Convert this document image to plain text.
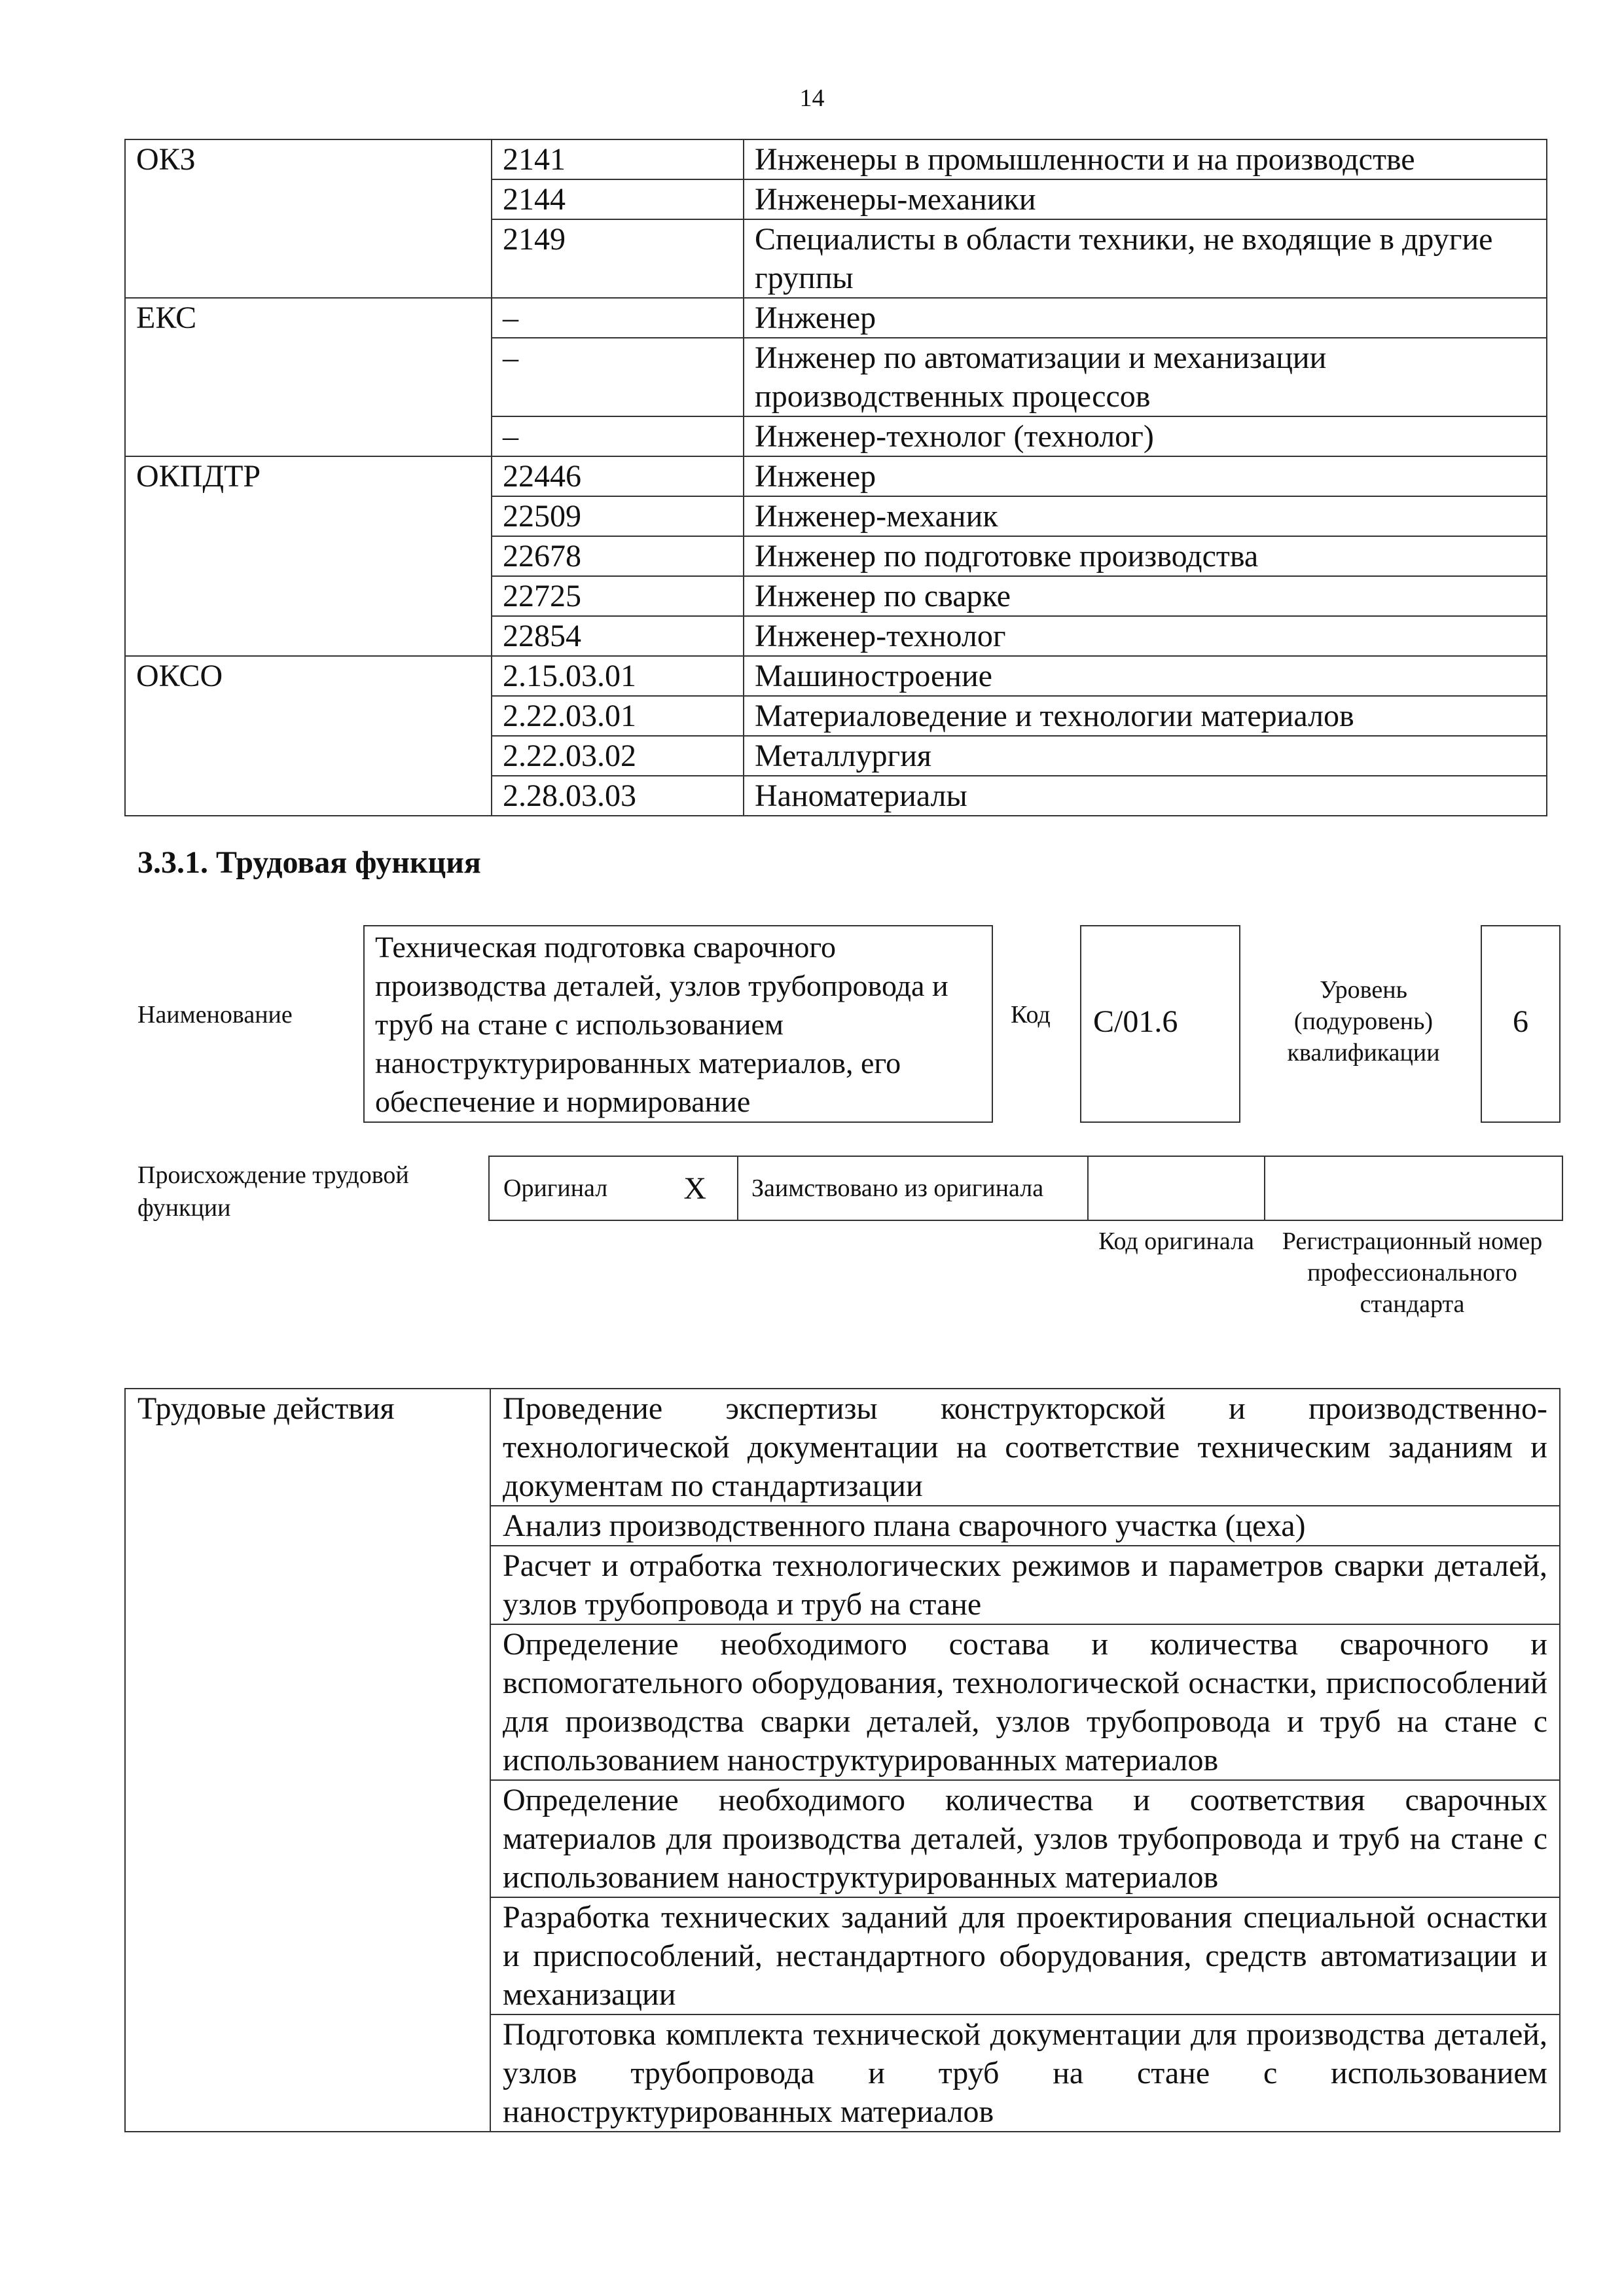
14
ОКЗ	2141	Инженеры в промышленности и на производстве
	2144	Инженеры-механики
	2149	Специалисты в области техники, не входящие в другие группы
ЕКС	–	Инженер
	–	Инженер по автоматизации и механизации производственных процессов
	–	Инженер-технолог (технолог)
ОКПДТР	22446	Инженер
	22509	Инженер-механик
	22678	Инженер по подготовке производства
	22725	Инженер по сварке
	22854	Инженер-технолог
ОКСО	2.15.03.01	Машиностроение
	2.22.03.01	Материаловедение и технологии материалов
	2.22.03.02	Металлургия
	2.28.03.03	Наноматериалы
3.3.1. Трудовая функция
Наименование
Техническая подготовка сварочного производства деталей, узлов трубопровода и труб на стане с использованием наноструктурированных материалов, его обеспечение и нормирование
Код	C/01.6
Уровень (подуровень) квалификации
6
Происхождение трудовой функции
Оригинал X	Заимствовано из оригинала		
Код оригинала	Регистрационный номер профессионального стандарта
Трудовые действия	Проведение экспертизы конструкторской и производственно-технологической документации на соответствие техническим заданиям и документам по стандартизации
Анализ производственного плана сварочного участка (цеха)
Расчет и отработка технологических режимов и параметров сварки деталей, узлов трубопровода и труб на стане
Определение необходимого состава и количества сварочного и вспомогательного оборудования, технологической оснастки, приспособлений для производства сварки деталей, узлов трубопровода и труб на стане с использованием наноструктурированных материалов
Определение необходимого количества и соответствия сварочных материалов для производства деталей, узлов трубопровода и труб на стане с использованием наноструктурированных материалов
Разработка технических заданий для проектирования специальной оснастки и приспособлений, нестандартного оборудования, средств автоматизации и механизации
Подготовка комплекта технической документации для производства деталей, узлов трубопровода и труб на стане с использованием наноструктурированных материалов
